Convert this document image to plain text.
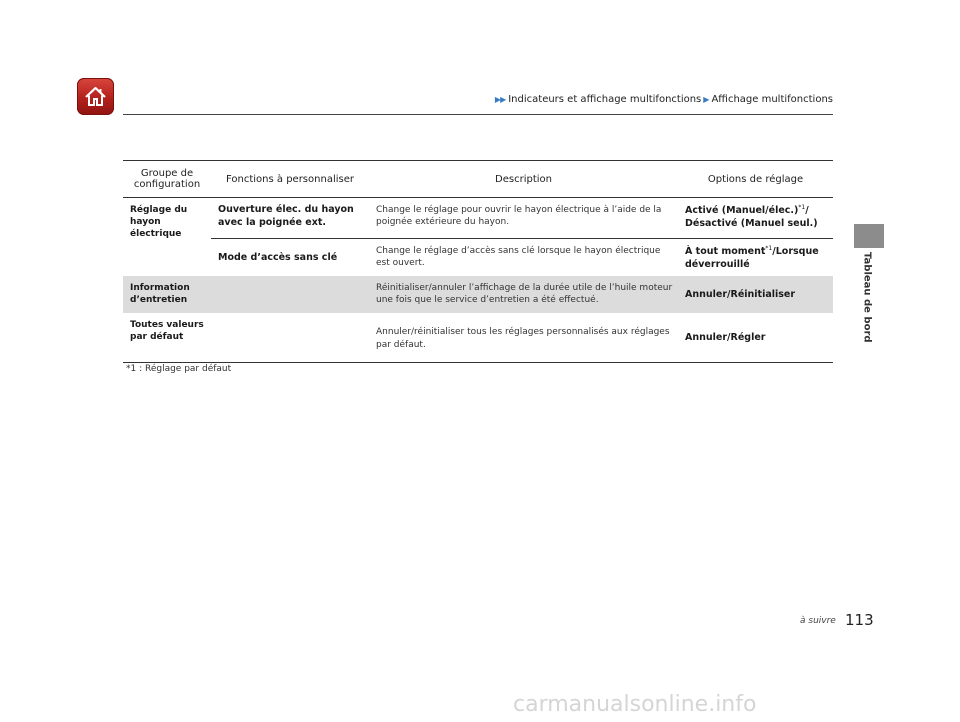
▶▶ Indicateurs et affichage multifonctions ▶ Affichage multifonctions
Tableau de bord
Groupe de configuration	Fonctions à personnaliser	Description	Options de réglage
Réglage du hayon électrique	Ouverture élec. du hayon avec la poignée ext.	Change le réglage pour ouvrir le hayon électrique à l’aide de la poignée extérieure du hayon.	Activé (Manuel/élec.)$^{*1}$/
Désactivé (Manuel seul.)
	Mode d’accès sans clé	Change le réglage d’accès sans clé lorsque le hayon électrique est ouvert.	À tout moment$^{*1}$/Lorsque déverrouillé
Information d’entretien		Réinitialiser/annuler l’affichage de la durée utile de l’huile moteur une fois que le service d’entretien a été effectué.	Annuler/Réinitialiser
Toutes valeurs par défaut		Annuler/réinitialiser tous les réglages personnalisés aux réglages par défaut.	Annuler/Régler
*1 : Réglage par défaut
à suivre 113
carmanualsonline.info
